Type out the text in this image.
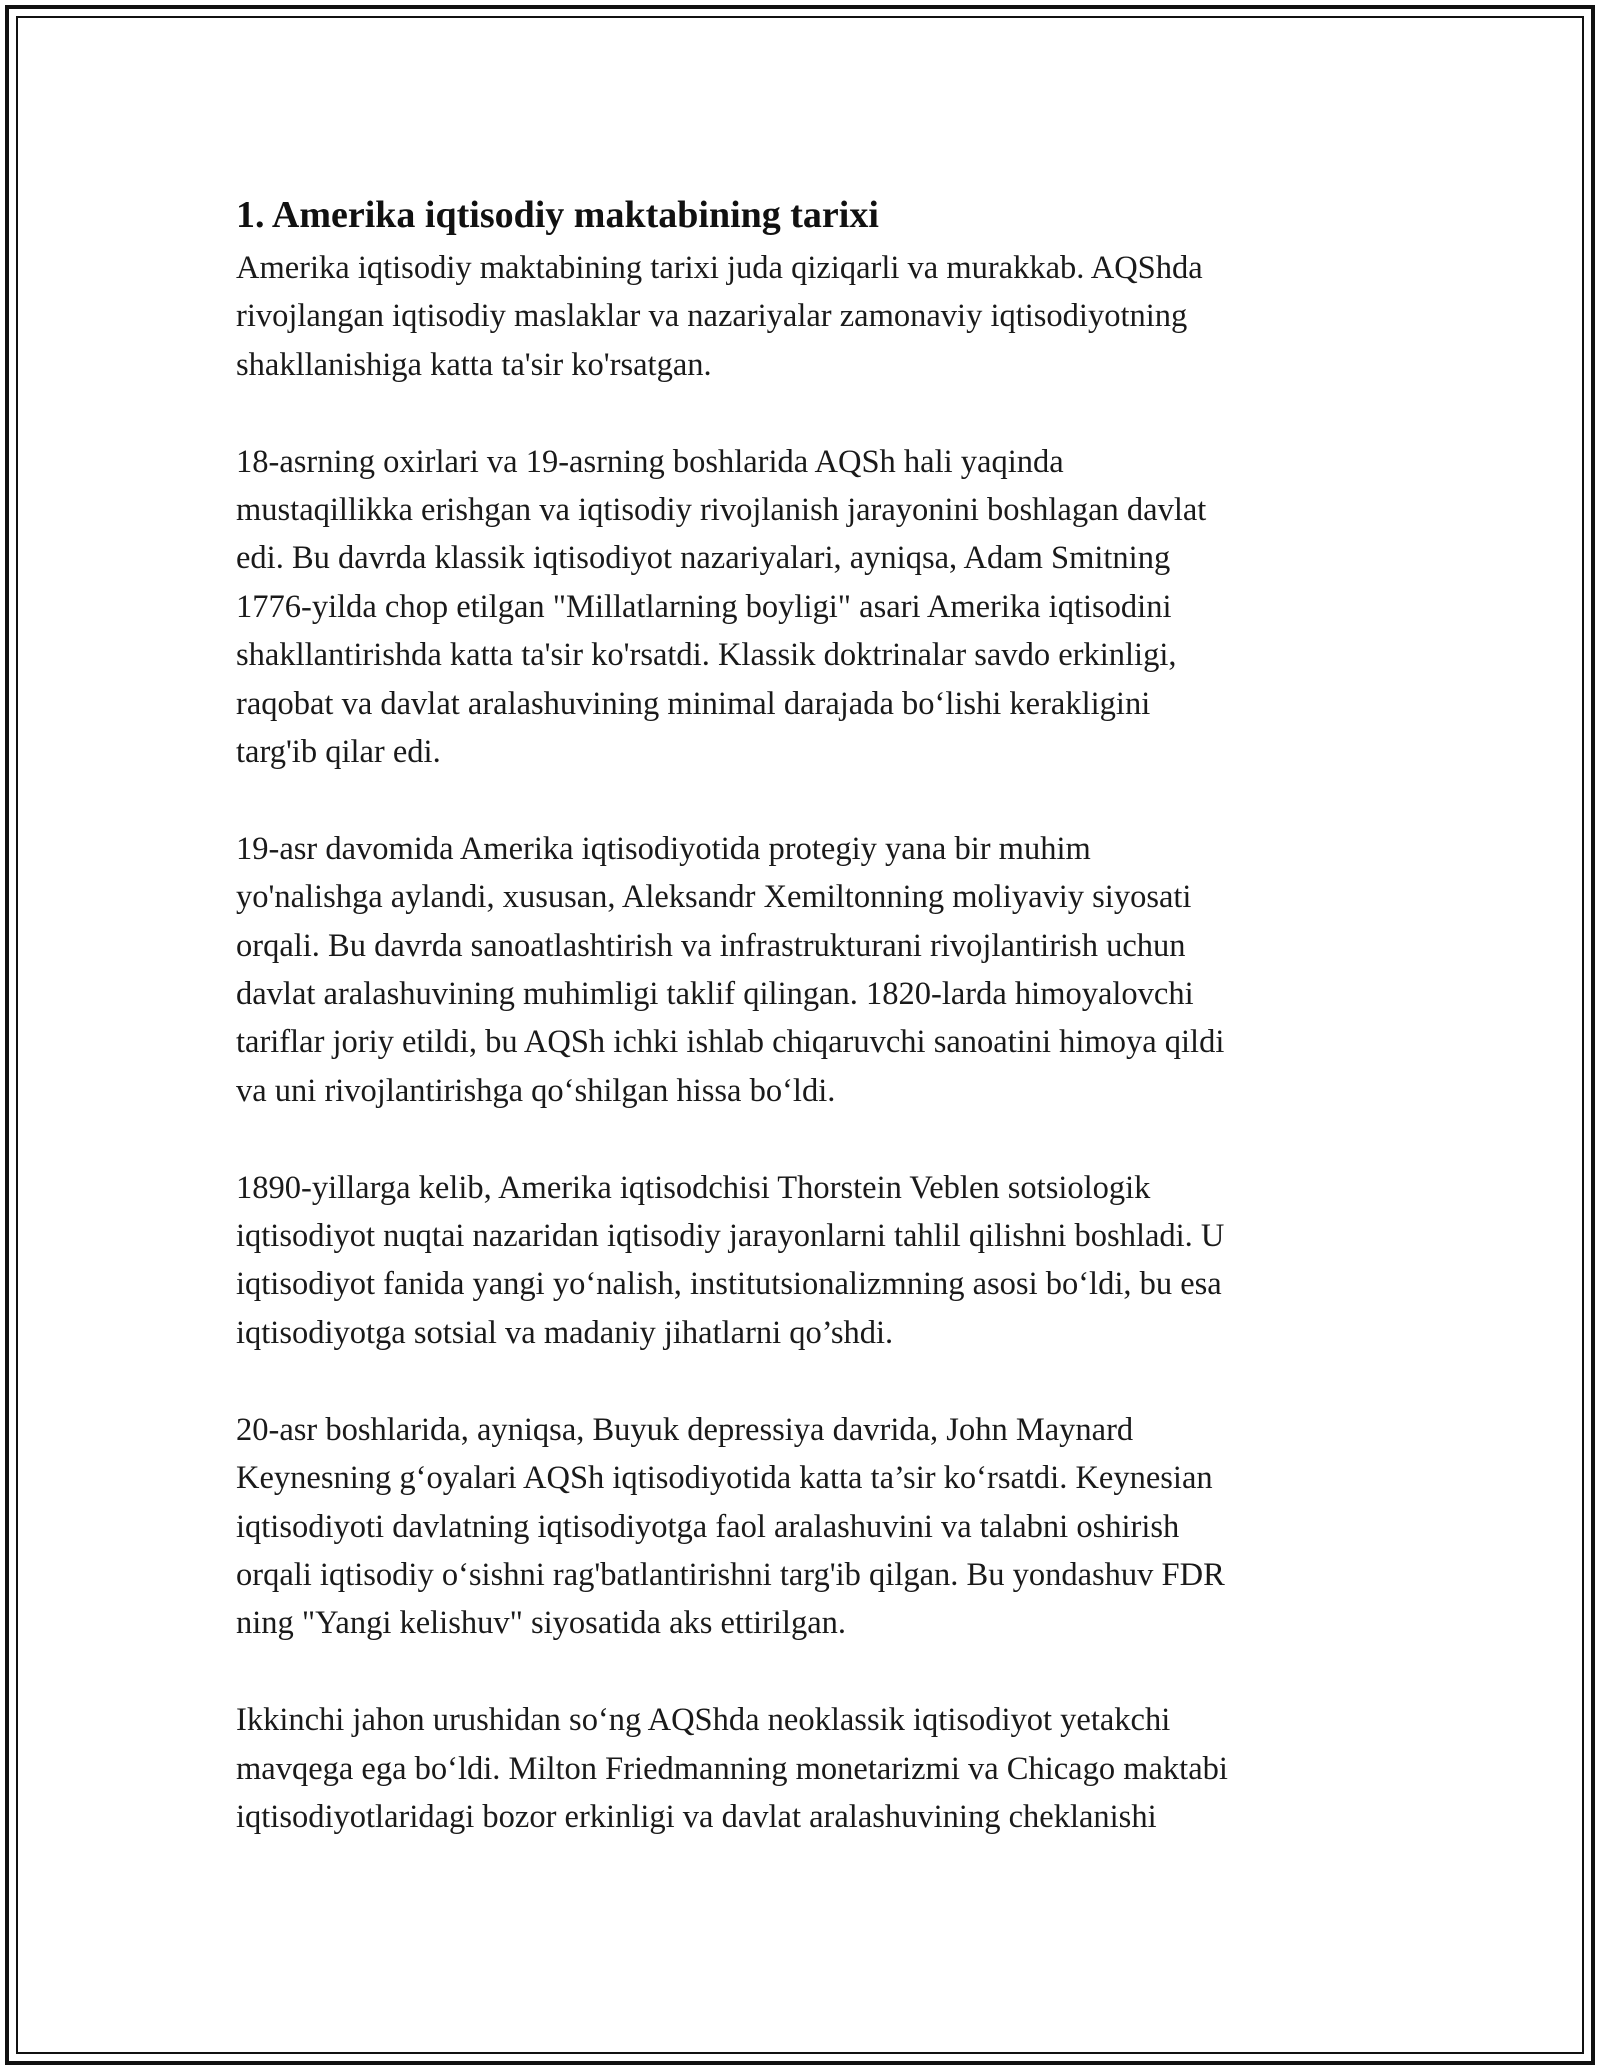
1. Amerika iqtisodiy maktabining tarixi

Amerika iqtisodiy maktabining tarixi juda qiziqarli va murakkab. AQShda
rivojlangan iqtisodiy maslaklar va nazariyalar zamonaviy iqtisodiyotning
shakllanishiga katta ta'sir ko'rsatgan.

18-asrning oxirlari va 19-asrning boshlarida AQSh hali yaqinda
mustaqillikka erishgan va iqtisodiy rivojlanish jarayonini boshlagan davlat
edi. Bu davrda klassik iqtisodiyot nazariyalari, ayniqsa, Adam Smitning
1776-yilda chop etilgan "Millatlarning boyligi" asari Amerika iqtisodini
shakllantirishda katta ta'sir ko'rsatdi. Klassik doktrinalar savdo erkinligi,
raqobat va davlat aralashuvining minimal darajada bo‘lishi kerakligini
targ'ib qilar edi.

19-asr davomida Amerika iqtisodiyotida protegiy yana bir muhim
yo'nalishga aylandi, xususan, Aleksandr Xemiltonning moliyaviy siyosati
orqali. Bu davrda sanoatlashtirish va infrastrukturani rivojlantirish uchun
davlat aralashuvining muhimligi taklif qilingan. 1820-larda himoyalovchi
tariflar joriy etildi, bu AQSh ichki ishlab chiqaruvchi sanoatini himoya qildi
va uni rivojlantirishga qo‘shilgan hissa bo‘ldi.

1890-yillarga kelib, Amerika iqtisodchisi Thorstein Veblen sotsiologik
iqtisodiyot nuqtai nazaridan iqtisodiy jarayonlarni tahlil qilishni boshladi. U
iqtisodiyot fanida yangi yo‘nalish, institutsionalizmning asosi bo‘ldi, bu esa
iqtisodiyotga sotsial va madaniy jihatlarni qo’shdi.

20-asr boshlarida, ayniqsa, Buyuk depressiya davrida, John Maynard
Keynesning g‘oyalari AQSh iqtisodiyotida katta ta’sir ko‘rsatdi. Keynesian
iqtisodiyoti davlatning iqtisodiyotga faol aralashuvini va talabni oshirish
orqali iqtisodiy o‘sishni rag'batlantirishni targ'ib qilgan. Bu yondashuv FDR
ning "Yangi kelishuv" siyosatida aks ettirilgan.

Ikkinchi jahon urushidan so‘ng AQShda neoklassik iqtisodiyot yetakchi
mavqega ega bo‘ldi. Milton Friedmanning monetarizmi va Chicago maktabi
iqtisodiyotlaridagi bozor erkinligi va davlat aralashuvining cheklanishi
